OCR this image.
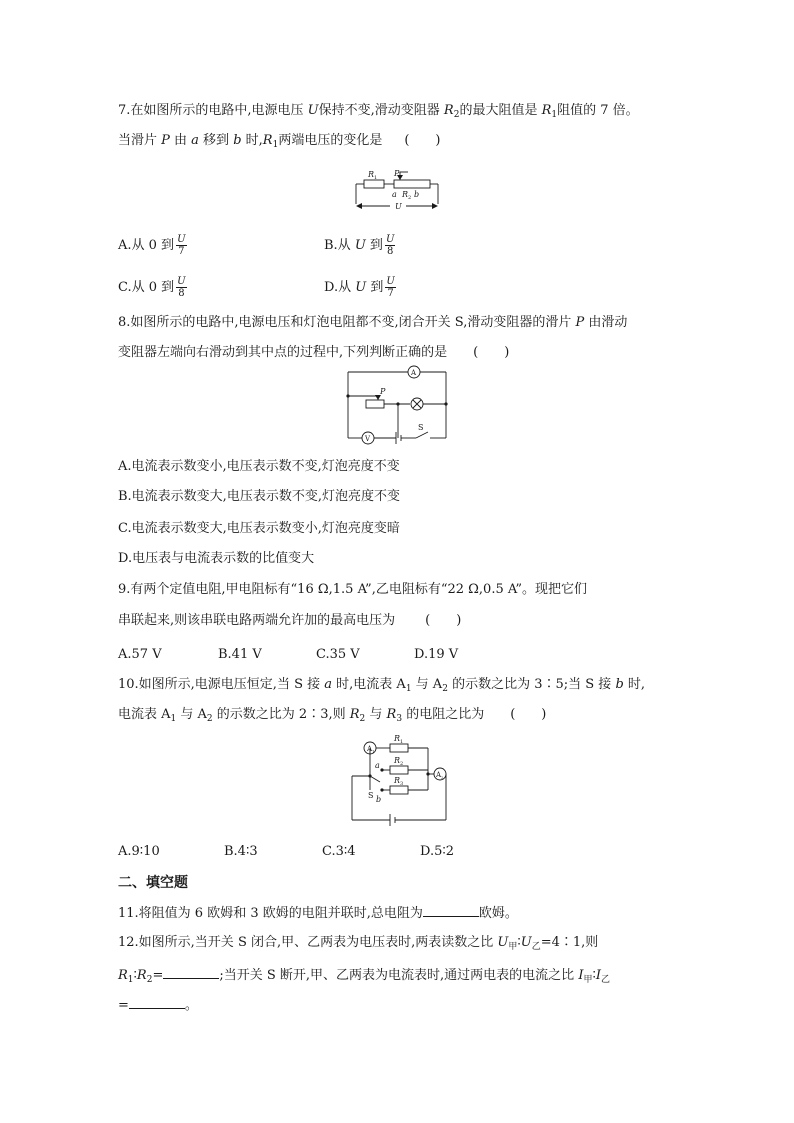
7.在如图所示的电路中,电源电压 U保持不变,滑动变阻器 $R_2$的最大阻值是 $R_1$阻值的 7 倍。
当滑片 P 由 a 移到 b 时$,R_1$两端电压的变化是 (　　)
R 1 P
a R 2 b
U
A.从 0 到 $\frac{U}{7}$	B.从 U 到 $\frac{U}{8}$
C.从 0 到 $\frac{U}{8}$	D.从 U 到 $\frac{U}{7}$
8.如图所示的电路中,电源电压和灯泡电阻都不变,闭合开关 S,滑动变阻器的滑片 P 由滑动
变阻器左端向右滑动到其中点的过程中,下列判断正确的是 (　　)
A
P
V
S
A.电流表示数变小,电压表示数不变,灯泡亮度不变
B.电流表示数变大,电压表示数不变,灯泡亮度不变
C.电流表示数变大,电压表示数变小,灯泡亮度变暗
D.电压表与电流表示数的比值变大
9.有两个定值电阻,甲电阻标有“16 Ω,1.5 A”,乙电阻标有“22 Ω,0.5 A”。现把它们
串联起来,则该串联电路两端允许加的最高电压为 (　　)
A.57 V	B.41 V	C.35 V	D.19 V
10.如图所示,电源电压恒定,当 S 接 a 时,电流表 $A_1$ 与 $A_2$ 的示数之比为 3∶5;当 S 接 b 时,
电流表 $A_1$ 与 $A_2$ 的示数之比为 2∶3,则 $R_2$ 与 $R_3$ 的电阻之比为 (　　)
A 1
A 2
R 1
R 2
R 3
a
b
S
A.9∶10	B.4∶3	C.3∶4	D.5∶2
二、填空题
11.将阻值为 6 欧姆和 3 欧姆的电阻并联时,总电阻为	欧姆。
12.如图所示,当开关 S 闭合,甲、乙两表为电压表时,两表读数之比 $U_甲∶U_乙=4∶1$,则
$R_1∶R_2=$	;当开关 S 断开,甲、乙两表为电流表时,通过两电表的电流之比 $I_甲∶I_乙$
=	。
